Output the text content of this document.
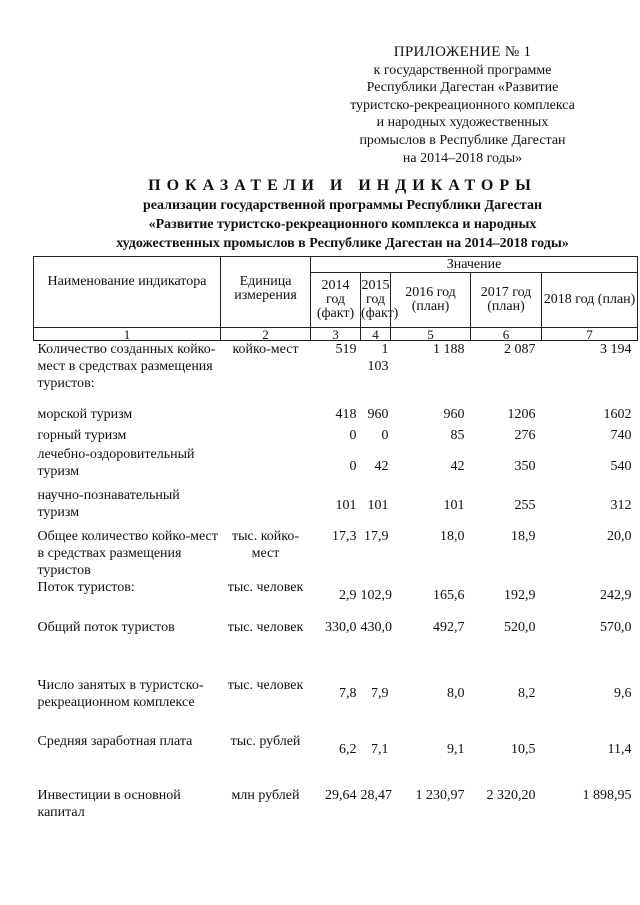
ПРИЛОЖЕНИЕ № 1
к государственной программе
Республики Дагестан «Развитие
туристско-рекреационного комплекса
и народных художественных
промыслов в Республике Дагестан
на 2014–2018 годы»
ПОКАЗАТЕЛИ И ИНДИКАТОРЫ
реализации государственной программы Республики Дагестан
«Развитие туристско-рекреационного комплекса и народных
художественных промыслов в Республике Дагестан на 2014–2018 годы»
Наименование индикатора	Единица измерения	Значение				
		2014 год (факт)	2015 год (факт)	2016 год (план)	2017 год (план)	2018 год (план)
1	2	3	4	5	6	7
Количество созданных койко-мест в средствах размещения туристов:	койко-мест	519	1 103	1 188	2 087	3 194
морской туризм		418	960	960	1206	1602
горный туризм		0	0	85	276	740
лечебно-оздоровительный туризм		0	42	42	350	540
научно-познавательный туризм		101	101	101	255	312
Общее количество койко-мест в средствах размещения туристов	тыс. койко-мест	17,3	17,9	18,0	18,9	20,0
Поток туристов:	тыс. человек	2,9	102,9	165,6	192,9	242,9
Общий поток туристов	тыс. человек	330,0	430,0	492,7	520,0	570,0
Число занятых в туристско-рекреационном комплексе	тыс. человек	7,8	7,9	8,0	8,2	9,6
Средняя заработная плата	тыс. рублей	6,2	7,1	9,1	10,5	11,4
Инвестиции в основной капитал	млн рублей	29,64	28,47	1 230,97	2 320,20	1 898,95
